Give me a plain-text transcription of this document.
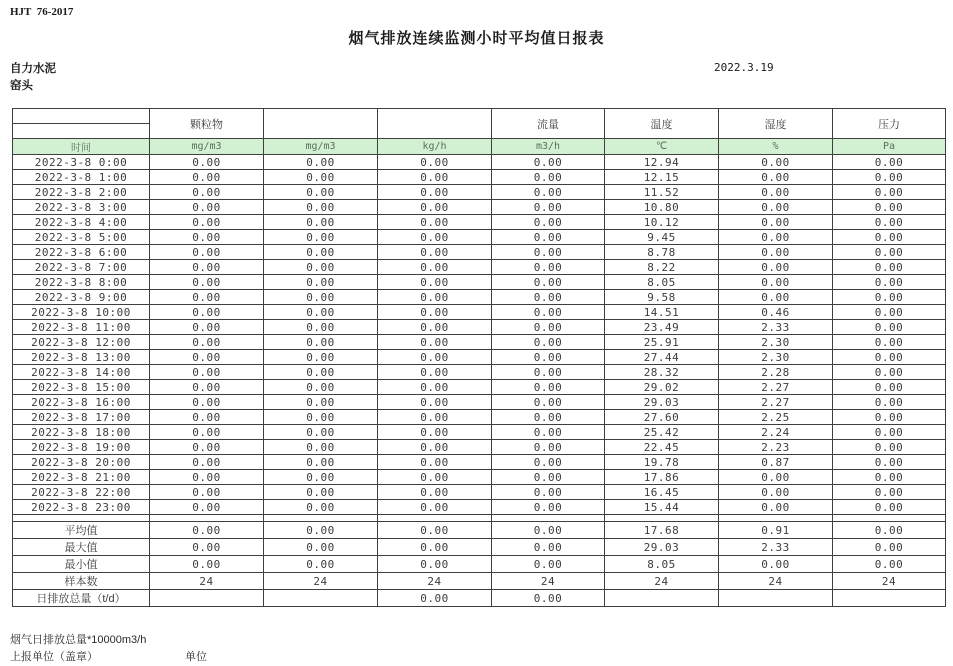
HJT  76-2017
烟气排放连续监测小时平均值日报表
自力水泥	2022.3.19
窑头
	颗粒物			流量	温度	湿度	压力

时间	mg/m3	mg/m3	kg/h	m3/h	℃	%	Pa
2022-3-8 0:00	0.00	0.00	0.00	0.00	12.94	0.00	0.00
2022-3-8 1:00	0.00	0.00	0.00	0.00	12.15	0.00	0.00
2022-3-8 2:00	0.00	0.00	0.00	0.00	11.52	0.00	0.00
2022-3-8 3:00	0.00	0.00	0.00	0.00	10.80	0.00	0.00
2022-3-8 4:00	0.00	0.00	0.00	0.00	10.12	0.00	0.00
2022-3-8 5:00	0.00	0.00	0.00	0.00	9.45	0.00	0.00
2022-3-8 6:00	0.00	0.00	0.00	0.00	8.78	0.00	0.00
2022-3-8 7:00	0.00	0.00	0.00	0.00	8.22	0.00	0.00
2022-3-8 8:00	0.00	0.00	0.00	0.00	8.05	0.00	0.00
2022-3-8 9:00	0.00	0.00	0.00	0.00	9.58	0.00	0.00
2022-3-8 10:00	0.00	0.00	0.00	0.00	14.51	0.46	0.00
2022-3-8 11:00	0.00	0.00	0.00	0.00	23.49	2.33	0.00
2022-3-8 12:00	0.00	0.00	0.00	0.00	25.91	2.30	0.00
2022-3-8 13:00	0.00	0.00	0.00	0.00	27.44	2.30	0.00
2022-3-8 14:00	0.00	0.00	0.00	0.00	28.32	2.28	0.00
2022-3-8 15:00	0.00	0.00	0.00	0.00	29.02	2.27	0.00
2022-3-8 16:00	0.00	0.00	0.00	0.00	29.03	2.27	0.00
2022-3-8 17:00	0.00	0.00	0.00	0.00	27.60	2.25	0.00
2022-3-8 18:00	0.00	0.00	0.00	0.00	25.42	2.24	0.00
2022-3-8 19:00	0.00	0.00	0.00	0.00	22.45	2.23	0.00
2022-3-8 20:00	0.00	0.00	0.00	0.00	19.78	0.87	0.00
2022-3-8 21:00	0.00	0.00	0.00	0.00	17.86	0.00	0.00
2022-3-8 22:00	0.00	0.00	0.00	0.00	16.45	0.00	0.00
2022-3-8 23:00	0.00	0.00	0.00	0.00	15.44	0.00	0.00

平均值	0.00	0.00	0.00	0.00	17.68	0.91	0.00
最大值	0.00	0.00	0.00	0.00	29.03	2.33	0.00
最小值	0.00	0.00	0.00	0.00	8.05	0.00	0.00
样本数	24	24	24	24	24	24	24
日排放总量（t/d）			0.00	0.00			
烟气日排放总量*10000m3/h
上报单位（盖章）	单位
